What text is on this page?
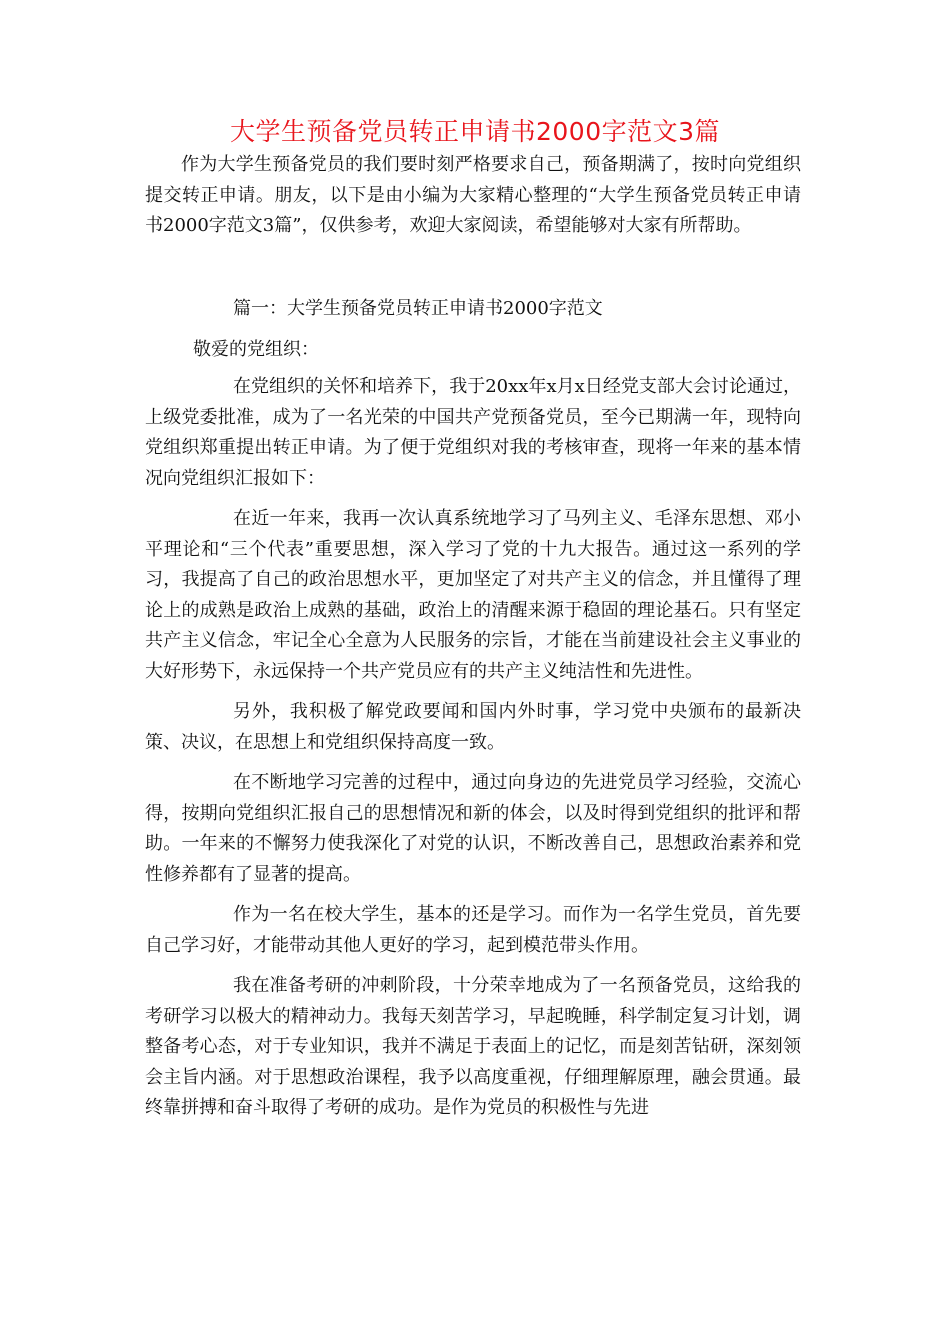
大学生预备党员转正申请书2000字范文3篇

作为大学生预备党员的我们要时刻严格要求自己，预备期满了，按时向党组织提交转正申请。朋友，以下是由小编为大家精心整理的“大学生预备党员转正申请书2000字范文3篇”，仅供参考，欢迎大家阅读，希望能够对大家有所帮助。

篇一：大学生预备党员转正申请书2000字范文
敬爱的党组织：

在党组织的关怀和培养下，我于20xx年x月x日经党支部大会讨论通过，上级党委批准，成为了一名光荣的中国共产党预备党员，至今已期满一年，现特向党组织郑重提出转正申请。为了便于党组织对我的考核审查，现将一年来的基本情况向党组织汇报如下：

在近一年来，我再一次认真系统地学习了马列主义、毛泽东思想、邓小平理论和“三个代表”重要思想，深入学习了党的十九大报告。通过这一系列的学习，我提高了自己的政治思想水平，更加坚定了对共产主义的信念，并且懂得了理论上的成熟是政治上成熟的基础，政治上的清醒来源于稳固的理论基石。只有坚定共产主义信念，牢记全心全意为人民服务的宗旨，才能在当前建设社会主义事业的大好形势下，永远保持一个共产党员应有的共产主义纯洁性和先进性。

另外，我积极了解党政要闻和国内外时事，学习党中央颁布的最新决策、决议，在思想上和党组织保持高度一致。

在不断地学习完善的过程中，通过向身边的先进党员学习经验，交流心得，按期向党组织汇报自己的思想情况和新的体会，以及时得到党组织的批评和帮助。一年来的不懈努力使我深化了对党的认识，不断改善自己，思想政治素养和党性修养都有了显著的提高。

作为一名在校大学生，基本的还是学习。而作为一名学生党员，首先要自己学习好，才能带动其他人更好的学习，起到模范带头作用。

我在准备考研的冲刺阶段，十分荣幸地成为了一名预备党员，这给我的考研学习以极大的精神动力。我每天刻苦学习，早起晚睡，科学制定复习计划，调整备考心态，对于专业知识，我并不满足于表面上的记忆，而是刻苦钻研，深刻领会主旨内涵。对于思想政治课程，我予以高度重视，仔细理解原理，融会贯通。最终靠拼搏和奋斗取得了考研的成功。是作为党员的积极性与先进
